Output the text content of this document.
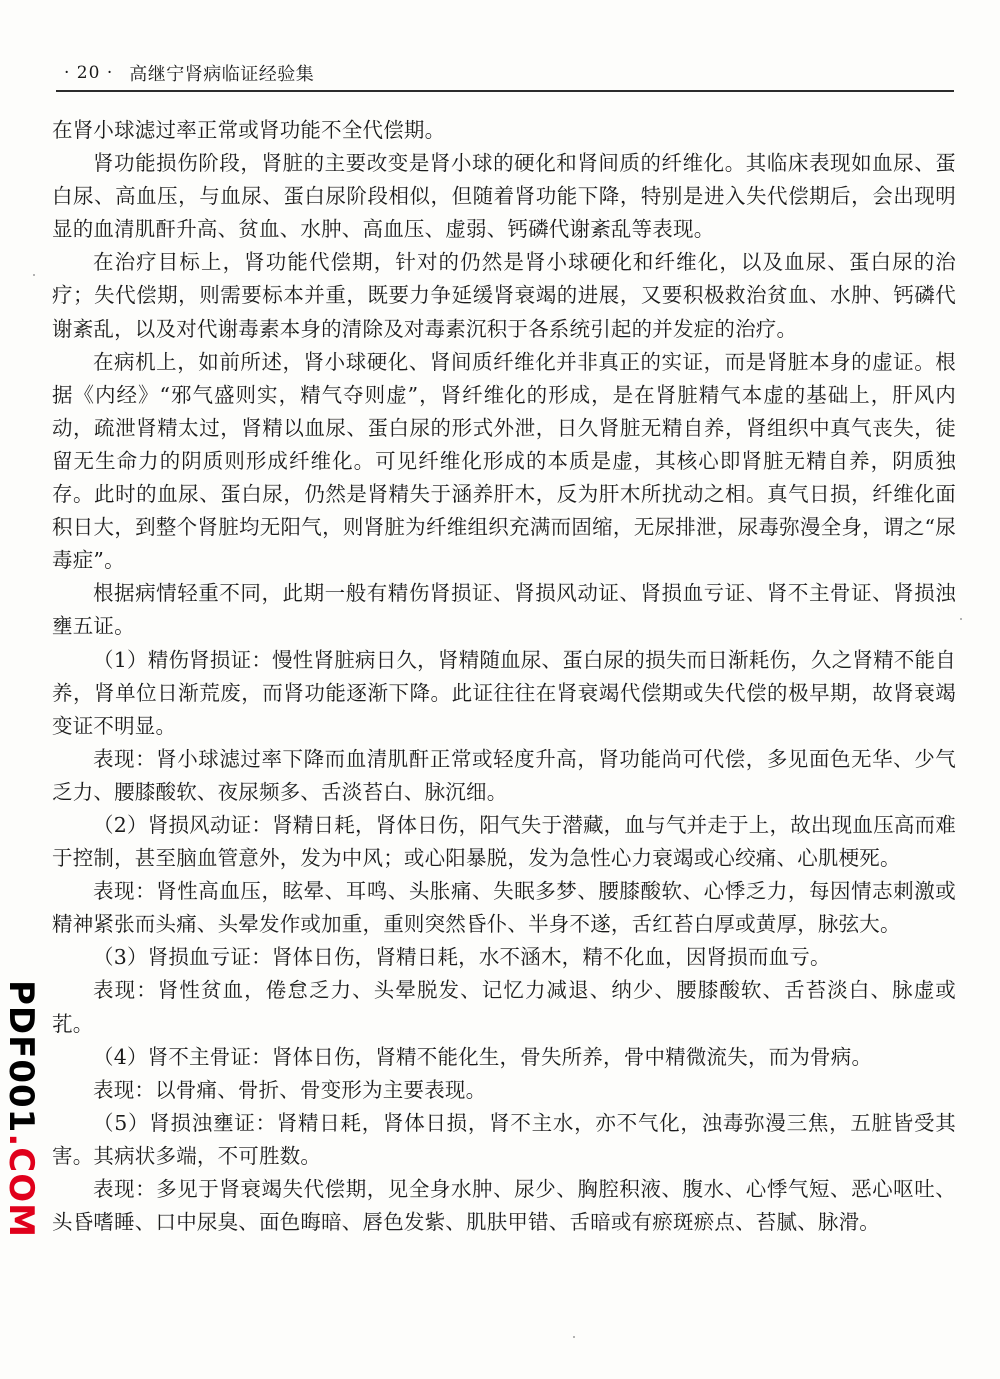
· 20 · 高继宁肾病临证经验集

在肾小球滤过率正常或肾功能不全代偿期。

肾功能损伤阶段，肾脏的主要改变是肾小球的硬化和肾间质的纤维化。其临床表现如血尿、蛋白尿、高血压，与血尿、蛋白尿阶段相似，但随着肾功能下降，特别是进入失代偿期后，会出现明显的血清肌酐升高、贫血、水肿、高血压、虚弱、钙磷代谢紊乱等表现。

在治疗目标上，肾功能代偿期，针对的仍然是肾小球硬化和纤维化，以及血尿、蛋白尿的治疗；失代偿期，则需要标本并重，既要力争延缓肾衰竭的进展，又要积极救治贫血、水肿、钙磷代谢紊乱，以及对代谢毒素本身的清除及对毒素沉积于各系统引起的并发症的治疗。

在病机上，如前所述，肾小球硬化、肾间质纤维化并非真正的实证，而是肾脏本身的虚证。根据《内经》“邪气盛则实，精气夺则虚”，肾纤维化的形成，是在肾脏精气本虚的基础上，肝风内动，疏泄肾精太过，肾精以血尿、蛋白尿的形式外泄，日久肾脏无精自养，肾组织中真气丧失，徒留无生命力的阴质则形成纤维化。可见纤维化形成的本质是虚，其核心即肾脏无精自养，阴质独存。此时的血尿、蛋白尿，仍然是肾精失于涵养肝木，反为肝木所扰动之相。真气日损，纤维化面积日大，到整个肾脏均无阳气，则肾脏为纤维组织充满而固缩，无尿排泄，尿毒弥漫全身，谓之“尿毒症”。

根据病情轻重不同，此期一般有精伤肾损证、肾损风动证、肾损血亏证、肾不主骨证、肾损浊壅五证。

（1）精伤肾损证：慢性肾脏病日久，肾精随血尿、蛋白尿的损失而日渐耗伤，久之肾精不能自养，肾单位日渐荒废，而肾功能逐渐下降。此证往往在肾衰竭代偿期或失代偿的极早期，故肾衰竭变证不明显。

表现：肾小球滤过率下降而血清肌酐正常或轻度升高，肾功能尚可代偿，多见面色无华、少气乏力、腰膝酸软、夜尿频多、舌淡苔白、脉沉细。

（2）肾损风动证：肾精日耗，肾体日伤，阳气失于潜藏，血与气并走于上，故出现血压高而难于控制，甚至脑血管意外，发为中风；或心阳暴脱，发为急性心力衰竭或心绞痛、心肌梗死。

表现：肾性高血压，眩晕、耳鸣、头胀痛、失眠多梦、腰膝酸软、心悸乏力，每因情志刺激或精神紧张而头痛、头晕发作或加重，重则突然昏仆、半身不遂，舌红苔白厚或黄厚，脉弦大。

（3）肾损血亏证：肾体日伤，肾精日耗，水不涵木，精不化血，因肾损而血亏。

表现：肾性贫血，倦怠乏力、头晕脱发、记忆力减退、纳少、腰膝酸软、舌苔淡白、脉虚或芤。

（4）肾不主骨证：肾体日伤，肾精不能化生，骨失所养，骨中精微流失，而为骨病。

表现：以骨痛、骨折、骨变形为主要表现。

（5）肾损浊壅证：肾精日耗，肾体日损，肾不主水，亦不气化，浊毒弥漫三焦，五脏皆受其害。其病状多端，不可胜数。

表现：多见于肾衰竭失代偿期，见全身水肿、尿少、胸腔积液、腹水、心悸气短、恶心呕吐、头昏嗜睡、口中尿臭、面色晦暗、唇色发紫、肌肤甲错、舌暗或有瘀斑瘀点、苔腻、脉滑。

PDF001.COM
